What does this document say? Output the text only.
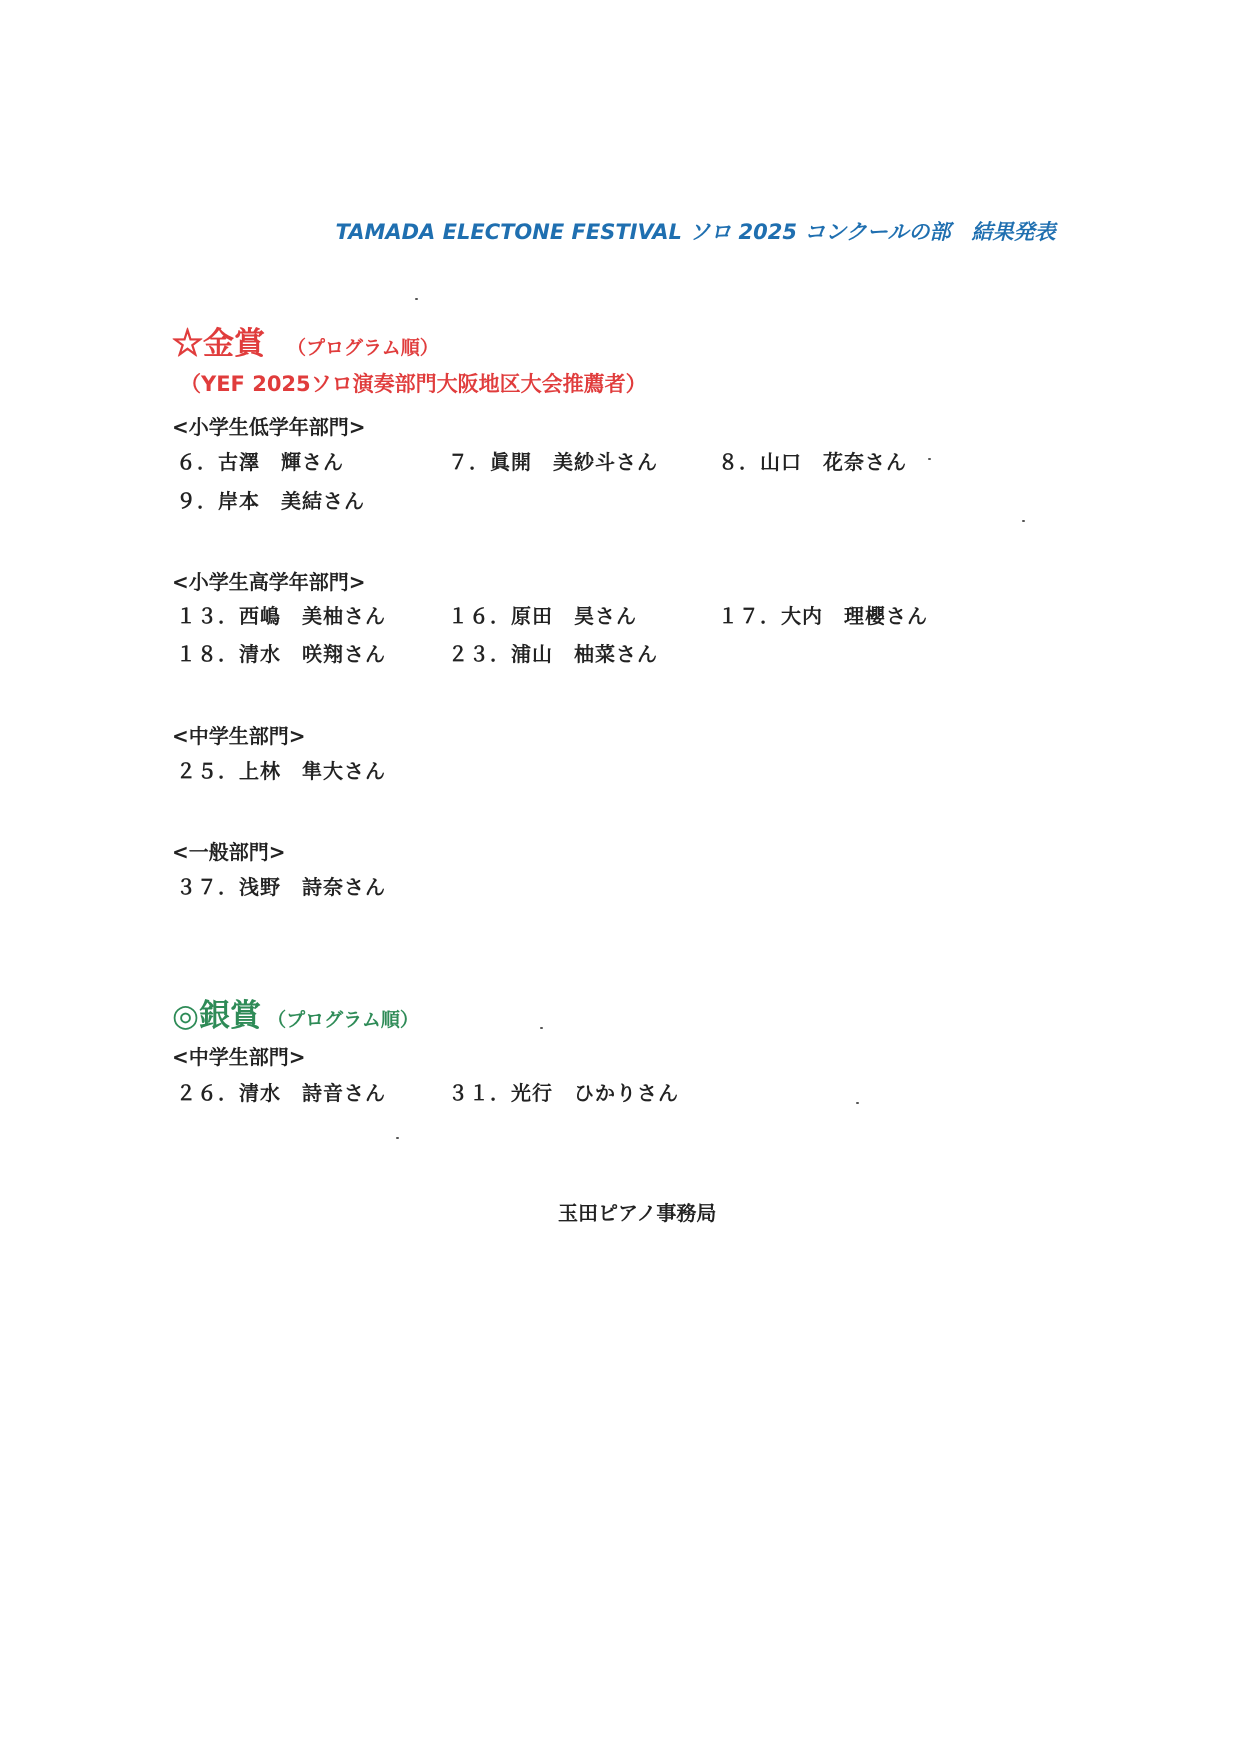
TAMADA ELECTONE FESTIVAL ソロ 2025 コンクールの部　結果発表
☆金賞 （プログラム順）
（YEF 2025ソロ演奏部門大阪地区大会推薦者）
<小学生低学年部門>
６．古澤　輝さん	７．眞開　美紗斗さん	８．山口　花奈さん
９．岸本　美結さん
<小学生高学年部門>
１３．西嶋　美柚さん	１６．原田　昊さん	１７．大内　理櫻さん
１８．清水　咲翔さん	２３．浦山　柚菜さん
<中学生部門>
２５．上林　隼大さん
<一般部門>
３７．浅野　詩奈さん
◎銀賞 （プログラム順）
<中学生部門>
２６．清水　詩音さん	３１．光行　ひかりさん
玉田ピアノ事務局
